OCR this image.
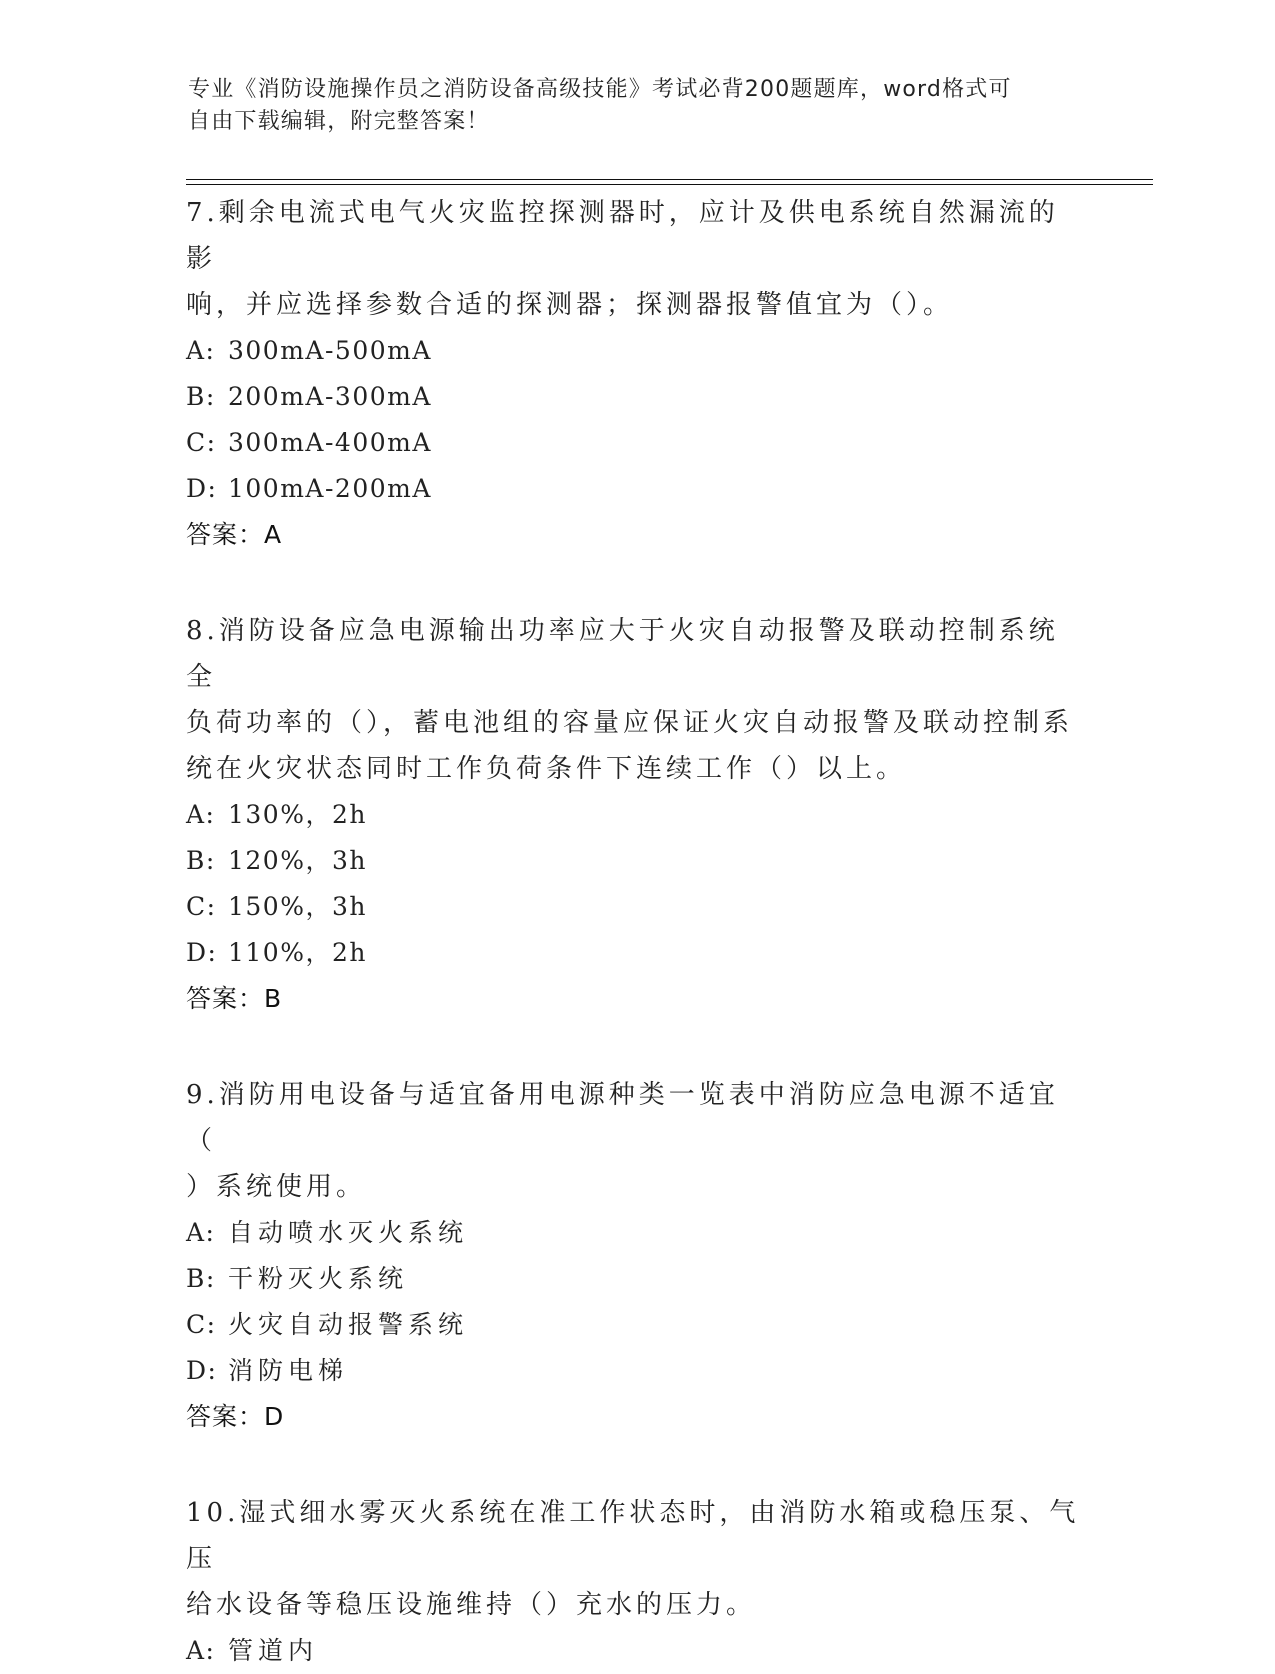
专业《消防设施操作员之消防设备高级技能》考试必背200题题库，word格式可
自由下载编辑，附完整答案！
7.剩余电流式电气火灾监控探测器时，应计及供电系统自然漏流的影
响，并应选择参数合适的探测器；探测器报警值宜为（）。
A: 300mA-500mA
B: 200mA-300mA
C: 300mA-400mA
D: 100mA-200mA
答案：A
8.消防设备应急电源输出功率应大于火灾自动报警及联动控制系统全
负荷功率的（），蓄电池组的容量应保证火灾自动报警及联动控制系
统在火灾状态同时工作负荷条件下连续工作（）以上。
A: 130%，2h
B: 120%，3h
C: 150%，3h
D: 110%，2h
答案：B
9.消防用电设备与适宜备用电源种类一览表中消防应急电源不适宜（
）系统使用。
A: 自动喷水灭火系统
B: 干粉灭火系统
C: 火灾自动报警系统
D: 消防电梯
答案：D
10.湿式细水雾灭火系统在准工作状态时，由消防水箱或稳压泵、气压
给水设备等稳压设施维持（）充水的压力。
A: 管道内
